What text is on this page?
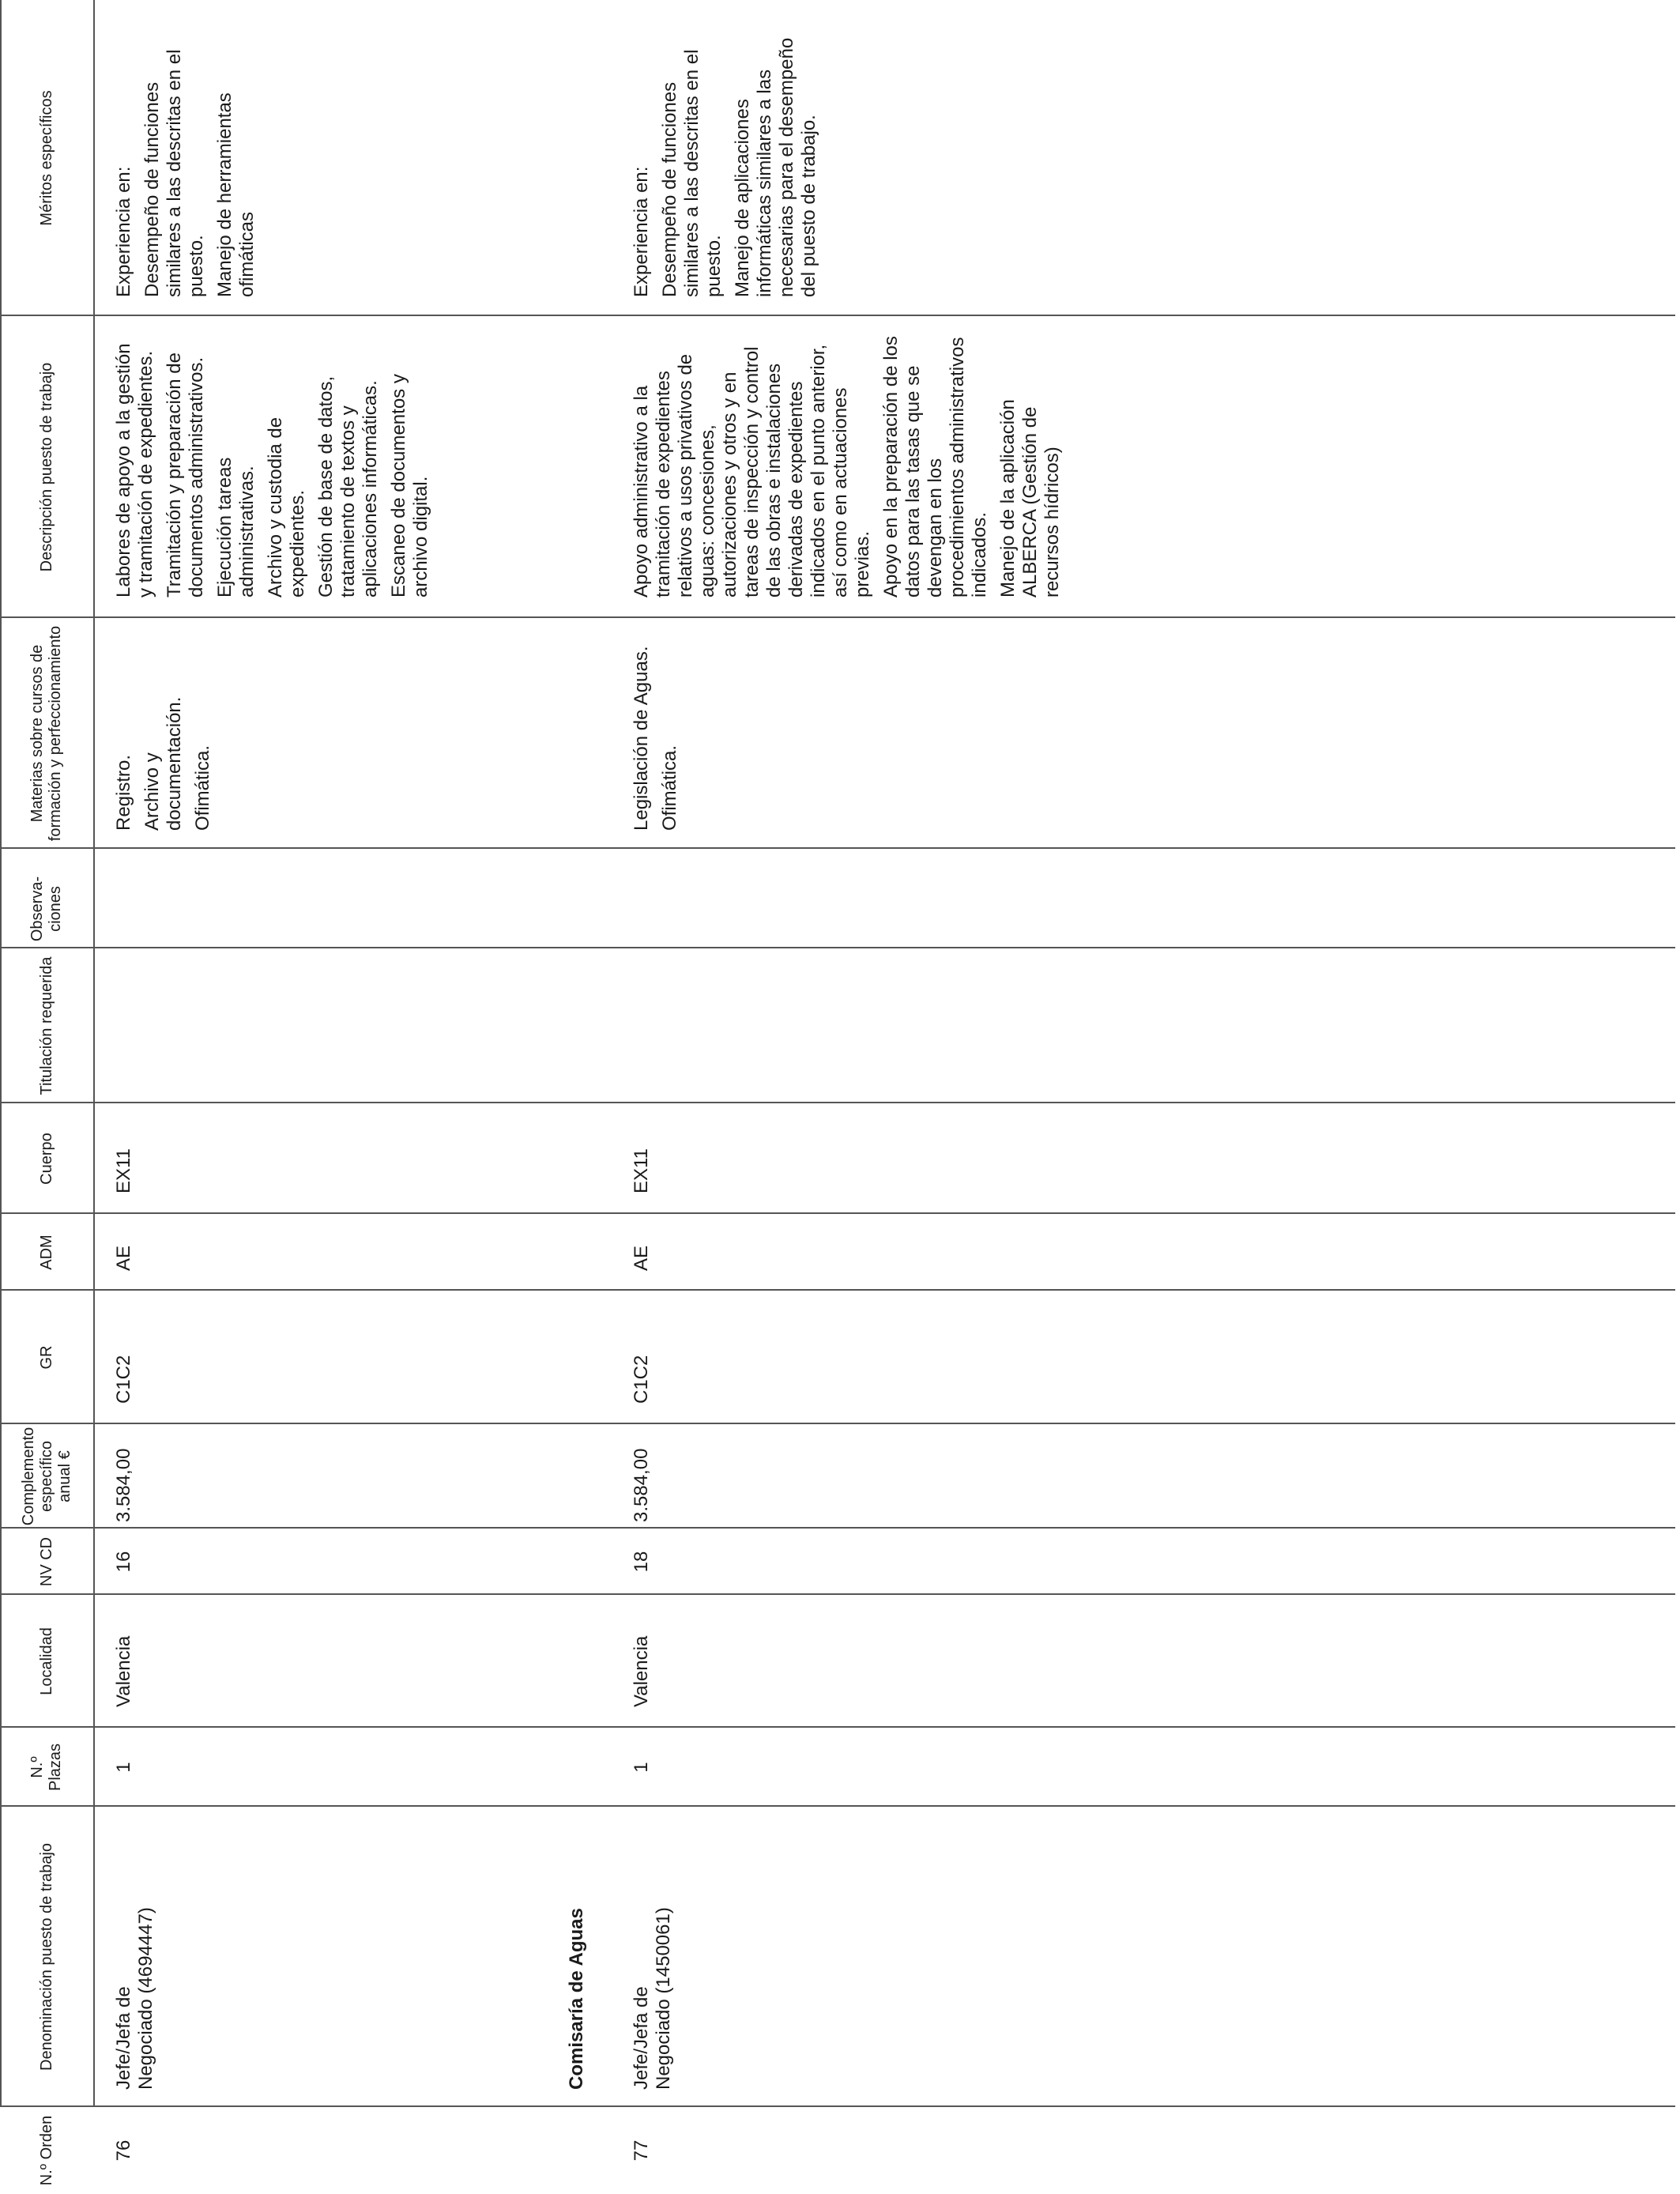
N.º Orden
Denominación puesto de trabajo
N.º Plazas
Localidad
NV CD
Complemento específico anual €
GR
ADM
Cuerpo
Titulación requerida
Observa- ciones
Materias sobre cursos de formación y perfeccionamiento
Descripción puesto de trabajo
Méritos específicos
76
Jefe/Jefa de Negociado (4694447)
1
Valencia
16
3.584,00
C1C2
AE
EX11

Registro. Archivo y documentación. Ofimática.

Labores de apoyo a la gestión y tramitación de expedientes. Tramitación y preparación de documentos administrativos. Ejecución tareas administrativas. Archivo y custodia de expedientes. Gestión de base de datos, tratamiento de textos y aplicaciones informáticas. Escaneo de documentos y archivo digital.

Experiencia en: Desempeño de funciones similares a las descritas en el puesto. Manejo de herramientas ofimáticas

Comisaría de Aguas
77
Jefe/Jefa de Negociado (1450061)
1
Valencia
18
3.584,00
C1C2
AE
EX11

Legislación de Aguas. Ofimática.

Apoyo administrativo a la tramitación de expedientes relativos a usos privativos de aguas: concesiones, autorizaciones y otros y en tareas de inspección y control de las obras e instalaciones derivadas de expedientes indicados en el punto anterior, así como en actuaciones previas. Apoyo en la preparación de los datos para las tasas que se devengan en los procedimientos administrativos indicados. Manejo de la aplicación ALBERCA (Gestión de recursos hídricos)

Experiencia en: Desempeño de funciones similares a las descritas en el puesto. Manejo de aplicaciones informáticas similares a las necesarias para el desempeño del puesto de trabajo.
